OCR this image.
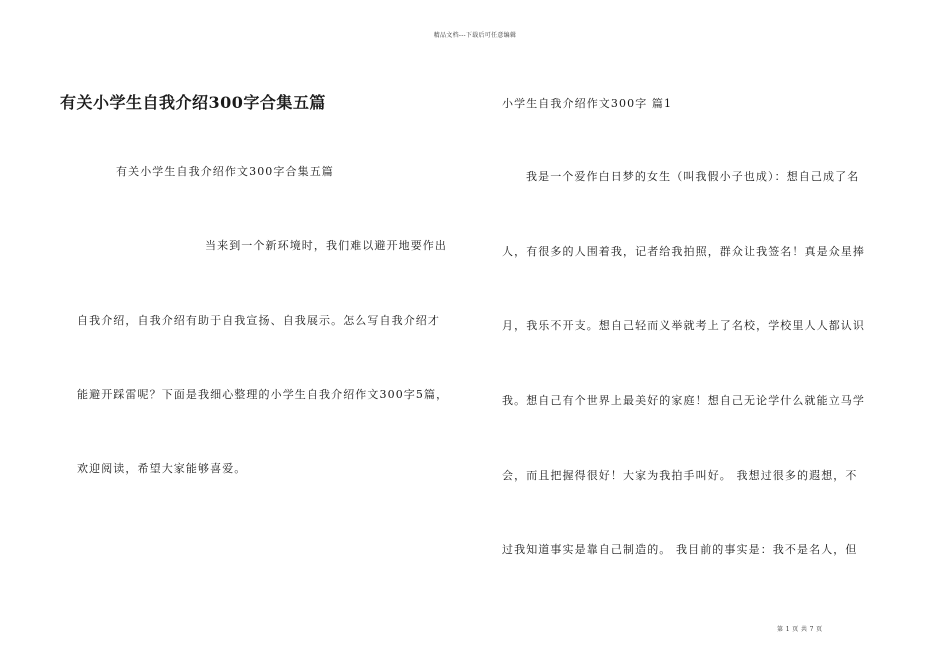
精品文档---下载后可任意编辑
有关小学生自我介绍300字合集五篇
有关小学生自我介绍作文300字合集五篇
当来到一个新环境时，我们难以避开地要作出
自我介绍，自我介绍有助于自我宣扬、自我展示。怎么写自我介绍才
能避开踩雷呢？下面是我细心整理的小学生自我介绍作文300字5篇，
欢迎阅读，希望大家能够喜爱。
小学生自我介绍作文300字 篇1
我是一个爱作白日梦的女生（叫我假小子也成）：想自己成了名
人，有很多的人围着我，记者给我拍照，群众让我签名！真是众星捧
月，我乐不开支。想自己轻而义举就考上了名校，学校里人人都认识
我。想自己有个世界上最美好的家庭！想自己无论学什么就能立马学
会，而且把握得很好！大家为我拍手叫好。 我想过很多的遐想，不
过我知道事实是靠自己制造的。 我目前的事实是：我不是名人，但
第 1 页 共 7 页
